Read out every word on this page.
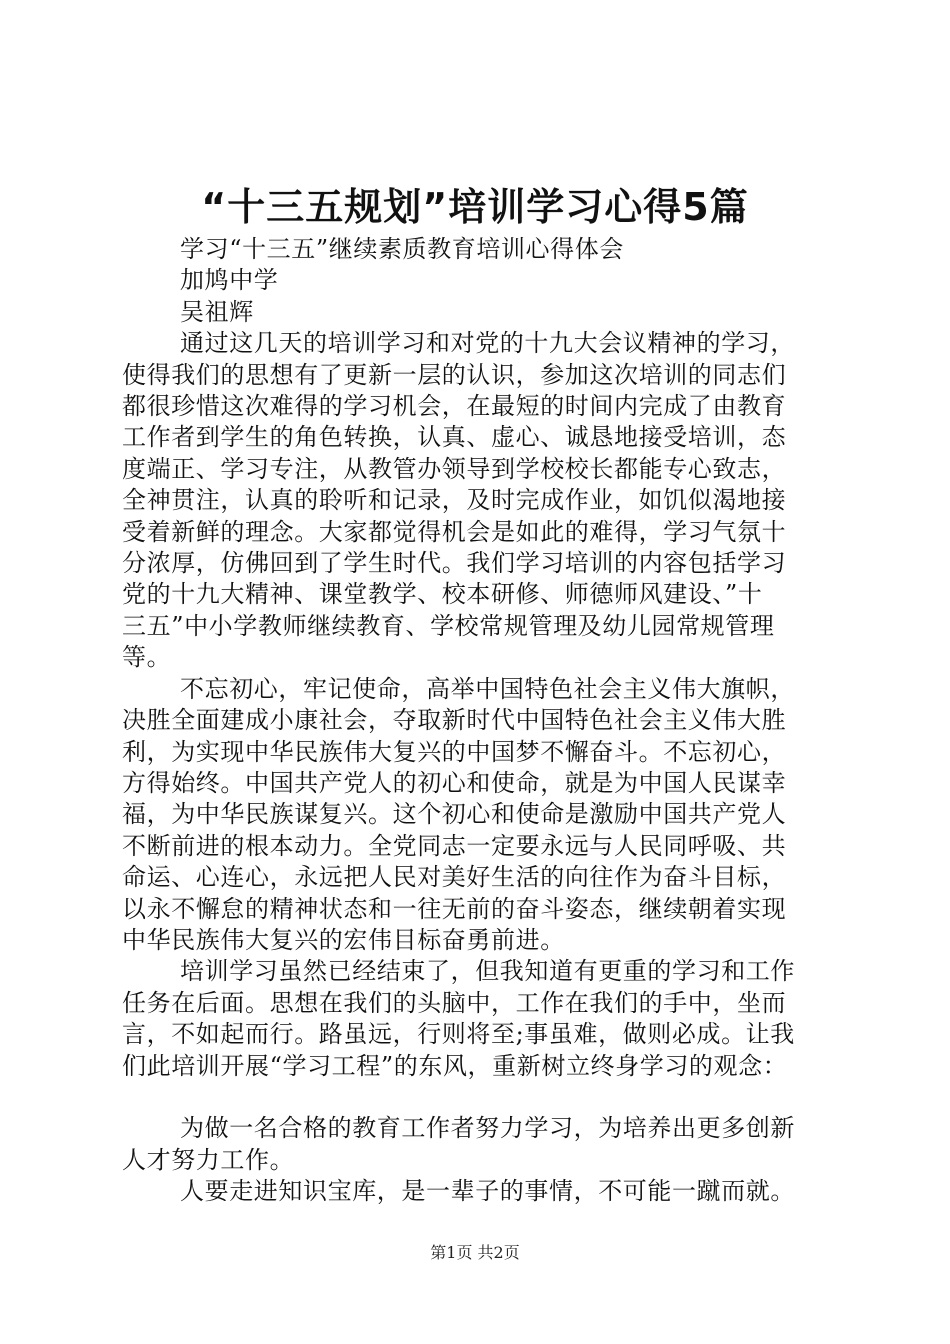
“十三五规划”培训学习心得5篇
学习“十三五”继续素质教育培训心得体会
加鸠中学
吴祖辉
通过这几天的培训学习和对党的十九大会议精神的学习，
使得我们的思想有了更新一层的认识，参加这次培训的同志们
都很珍惜这次难得的学习机会，在最短的时间内完成了由教育
工作者到学生的角色转换，认真、虚心、诚恳地接受培训，态
度端正、学习专注，从教管办领导到学校校长都能专心致志，
全神贯注，认真的聆听和记录，及时完成作业，如饥似渴地接
受着新鲜的理念。大家都觉得机会是如此的难得，学习气氛十
分浓厚，仿佛回到了学生时代。我们学习培训的内容包括学习
党的十九大精神、课堂教学、校本研修、师德师风建设、”十
三五”中小学教师继续教育、学校常规管理及幼儿园常规管理
等。
不忘初心，牢记使命，高举中国特色社会主义伟大旗帜，
决胜全面建成小康社会，夺取新时代中国特色社会主义伟大胜
利，为实现中华民族伟大复兴的中国梦不懈奋斗。不忘初心，
方得始终。中国共产党人的初心和使命，就是为中国人民谋幸
福，为中华民族谋复兴。这个初心和使命是激励中国共产党人
不断前进的根本动力。全党同志一定要永远与人民同呼吸、共
命运、心连心，永远把人民对美好生活的向往作为奋斗目标，
以永不懈怠的精神状态和一往无前的奋斗姿态，继续朝着实现
中华民族伟大复兴的宏伟目标奋勇前进。
培训学习虽然已经结束了，但我知道有更重的学习和工作
任务在后面。思想在我们的头脑中，工作在我们的手中，坐而
言，不如起而行。路虽远，行则将至;事虽难，做则必成。让我
们此培训开展“学习工程”的东风，重新树立终身学习的观念：
为做一名合格的教育工作者努力学习，为培养出更多创新
人才努力工作。
人要走进知识宝库，是一辈子的事情，不可能一蹴而就。
第1页 共2页
